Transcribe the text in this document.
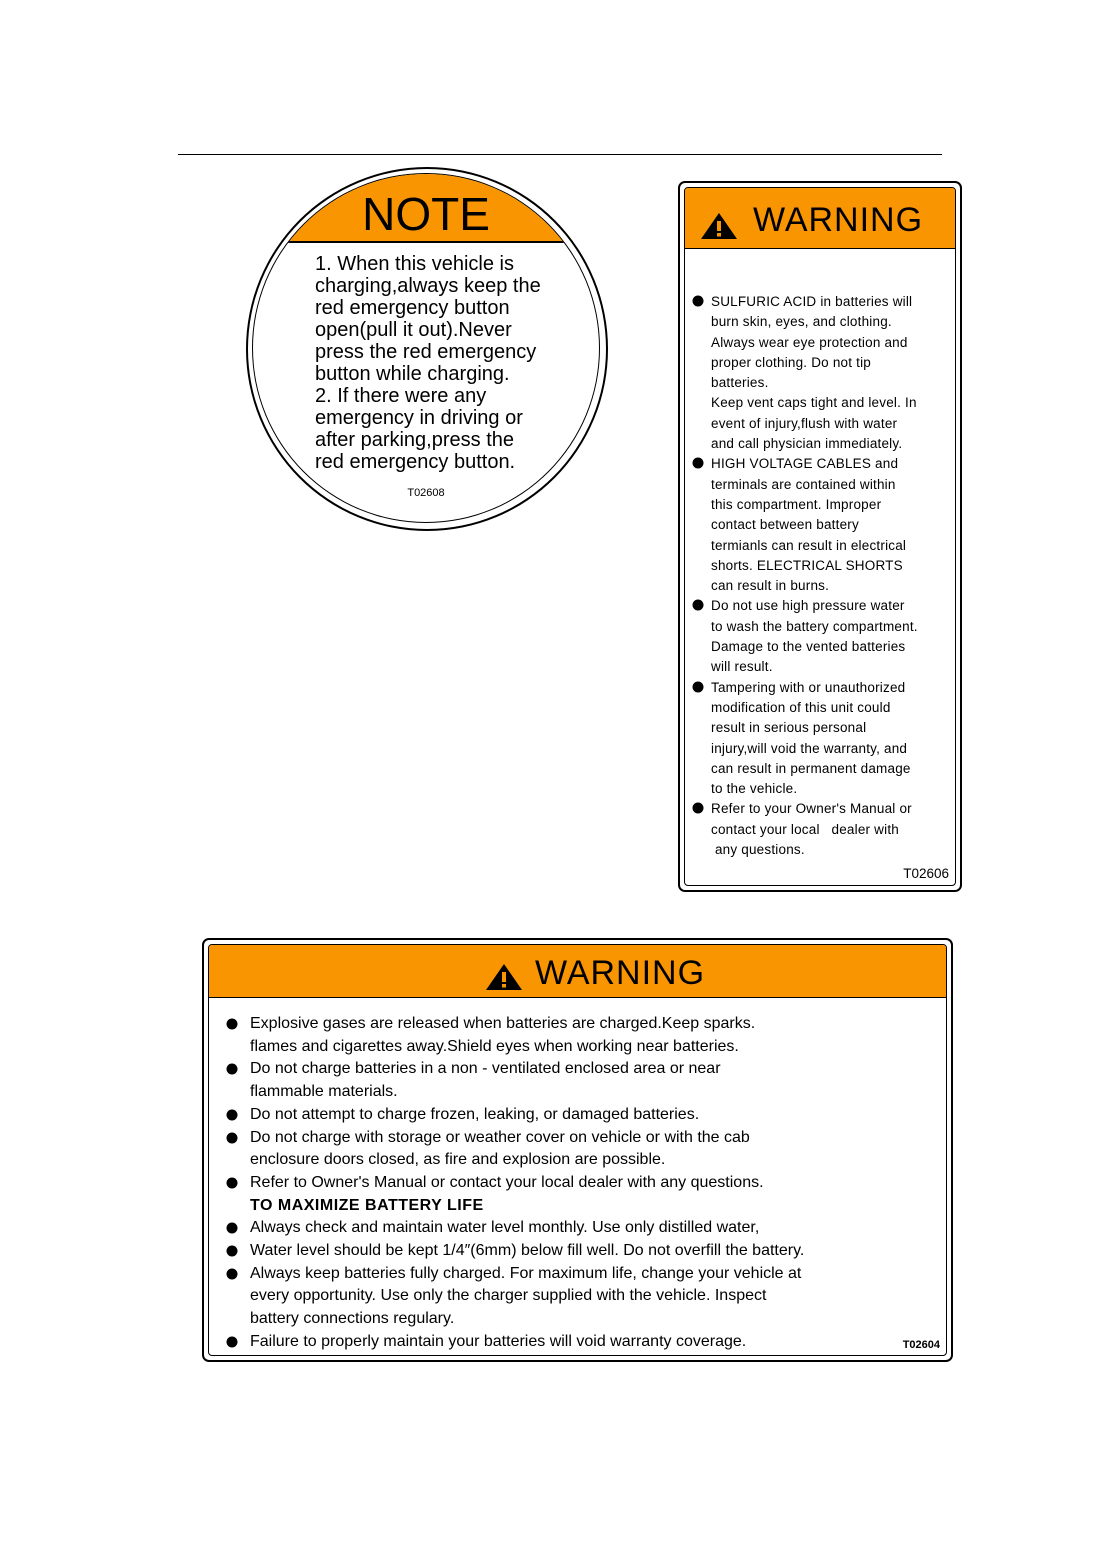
NOTE

1. When this vehicle is

charging,always keep the

red emergency button

open(pull it out).Never

press the red emergency

button while charging.

2. If there were any

emergency in driving or

after parking,press the

red emergency button.

T02608
WARNING
SULFURIC ACID in batteries will
burn skin, eyes, and clothing.
Always wear eye protection and
proper clothing. Do not tip
batteries.
Keep vent caps tight and level. In
event of injury,flush with water
and call physician immediately.
HIGH VOLTAGE CABLES and
terminals are contained within
this compartment. Improper
contact between battery
termianls can result in electrical
shorts. ELECTRICAL SHORTS
can result in burns.
Do not use high pressure water
to wash the battery compartment.
Damage to the vented batteries
will result.
Tampering with or unauthorized
modification of this unit could
result in serious personal
injury,will void the warranty, and
can result in permanent damage
to the vehicle.
Refer to your Owner's Manual or
contact your local   dealer with
any questions.
T02606
WARNING
Explosive gases are released when batteries are charged.Keep sparks.
flames and cigarettes away.Shield eyes when working near batteries.
Do not charge batteries in a non - ventilated enclosed area or near
flammable materials.
Do not attempt to charge frozen, leaking, or damaged batteries.
Do not charge with storage or weather cover on vehicle or with the cab
enclosure doors closed, as fire and explosion are possible.
Refer to Owner's Manual or contact your local dealer with any questions.
TO MAXIMIZE BATTERY LIFE
Always check and maintain water level monthly. Use only distilled water,
Water level should be kept 1/4″(6mm) below fill well. Do not overfill the battery.
Always keep batteries fully charged. For maximum life, change your vehicle at
every opportunity. Use only the charger supplied with the vehicle. Inspect
battery connections regulary.
Failure to properly maintain your batteries will void warranty coverage.	T02604
